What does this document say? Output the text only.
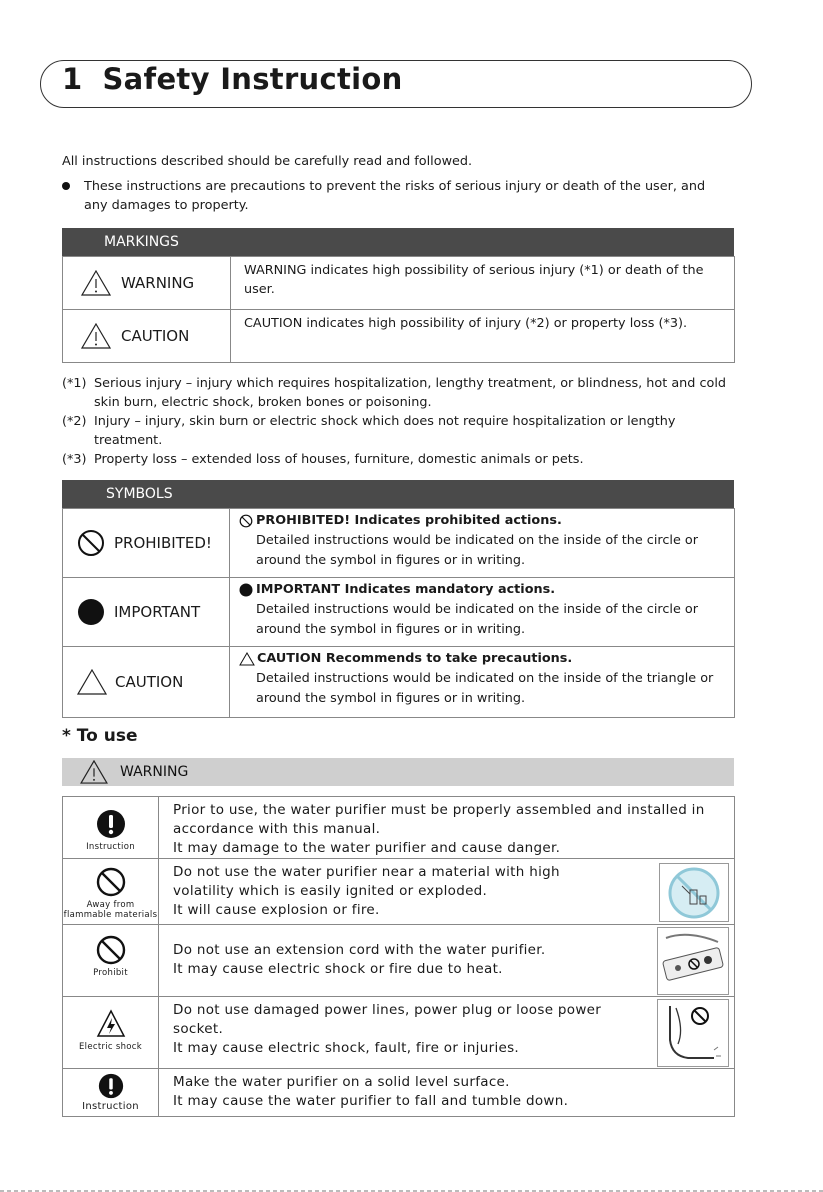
1 Safety Instruction
All instructions described should be carefully read and followed.
These instructions are precautions to prevent the risks of serious injury or death of the user, and any damages to property.
MARKINGS
WARNING	WARNING indicates high possibility of serious injury (*1) or death of the user.

CAUTION	CAUTION indicates high possibility of injury (*2) or property loss (*3).
(*1) Serious injury – injury which requires hospitalization, lengthy treatment, or blindness, hot and cold skin burn, electric shock, broken bones or poisoning.
(*2) Injury – injury, skin burn or electric shock which does not require hospitalization or lengthy treatment.
(*3) Property loss – extended loss of houses, furniture, domestic animals or pets.
SYMBOLS
PROHIBITED!	PROHIBITED! Indicates prohibited actions.
Detailed instructions would be indicated on the inside of the circle or around the symbol in figures or in writing.

IMPORTANT	IMPORTANT Indicates mandatory actions.
Detailed instructions would be indicated on the inside of the circle or around the symbol in figures or in writing.

CAUTION	CAUTION Recommends to take precautions.
Detailed instructions would be indicated on the inside of the triangle or around the symbol in figures or in writing.
* To use
WARNING
Instruction	Prior to use, the water purifier must be properly assembled and installed in
accordance with this manual.
It may damage to the water purifier and cause danger.

Away from flammable materials	Do not use the water purifier near a material with high
volatility which is easily ignited or exploded.
It will cause explosion or fire.

Prohibit	Do not use an extension cord with the water purifier.
It may cause electric shock or fire due to heat.

Electric shock	Do not use damaged power lines, power plug or loose power
socket.
It may cause electric shock, fault, fire or injuries.

Instruction	Make the water purifier on a solid level surface.
It may cause the water purifier to fall and tumble down.
